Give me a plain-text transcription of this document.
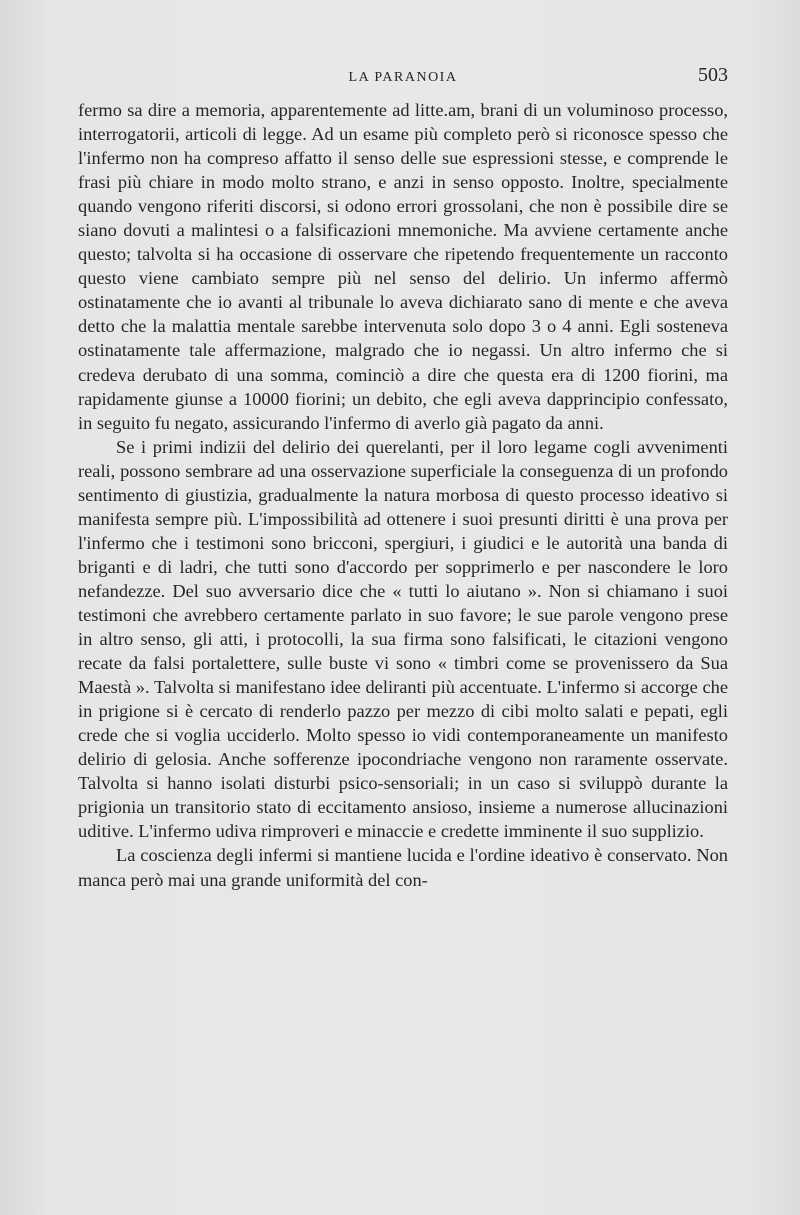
LA PARANOIA	503

fermo sa dire a memoria, apparentemente ad litte.am, brani di un voluminoso processo, interrogatorii, articoli di legge. Ad un esame più completo però si riconosce spesso che l'infermo non ha compreso affatto il senso delle sue espressioni stesse, e comprende le frasi più chiare in modo molto strano, e anzi in senso opposto. Inoltre, specialmente quando vengono riferiti discorsi, si odono errori grossolani, che non è possibile dire se siano dovuti a malintesi o a falsificazioni mnemoniche. Ma avviene certamente anche questo; talvolta si ha occasione di osservare che ripetendo frequentemente un racconto questo viene cambiato sempre più nel senso del delirio. Un infermo affermò ostinatamente che io avanti al tribunale lo aveva dichiarato sano di mente e che aveva detto che la malattia mentale sarebbe intervenuta solo dopo 3 o 4 anni. Egli sosteneva ostinatamente tale affermazione, malgrado che io negassi. Un altro infermo che si credeva derubato di una somma, cominciò a dire che questa era di 1200 fiorini, ma rapidamente giunse a 10000 fiorini; un debito, che egli aveva dapprincipio confessato, in seguito fu negato, assicurando l'infermo di averlo già pagato da anni.

Se i primi indizii del delirio dei querelanti, per il loro legame cogli avvenimenti reali, possono sembrare ad una osservazione superficiale la conseguenza di un profondo sentimento di giustizia, gradualmente la natura morbosa di questo processo ideativo si manifesta sempre più. L'impossibilità ad ottenere i suoi presunti diritti è una prova per l'infermo che i testimoni sono bricconi, spergiuri, i giudici e le autorità una banda di briganti e di ladri, che tutti sono d'accordo per sopprimerlo e per nascondere le loro nefandezze. Del suo avversario dice che « tutti lo aiutano ». Non si chiamano i suoi testimoni che avrebbero certamente parlato in suo favore; le sue parole vengono prese in altro senso, gli atti, i protocolli, la sua firma sono falsificati, le citazioni vengono recate da falsi portalettere, sulle buste vi sono « timbri come se provenissero da Sua Maestà ». Talvolta si manifestano idee deliranti più accentuate. L'infermo si accorge che in prigione si è cercato di renderlo pazzo per mezzo di cibi molto salati e pepati, egli crede che si voglia ucciderlo. Molto spesso io vidi contemporaneamente un manifesto delirio di gelosia. Anche sofferenze ipocondriache vengono non raramente osservate. Talvolta si hanno isolati disturbi psico-sensoriali; in un caso si sviluppò durante la prigionia un transitorio stato di eccitamento ansioso, insieme a numerose allucinazioni uditive. L'infermo udiva rimproveri e minaccie e credette imminente il suo supplizio.

La coscienza degli infermi si mantiene lucida e l'ordine ideativo è conservato. Non manca però mai una grande uniformità del con-
